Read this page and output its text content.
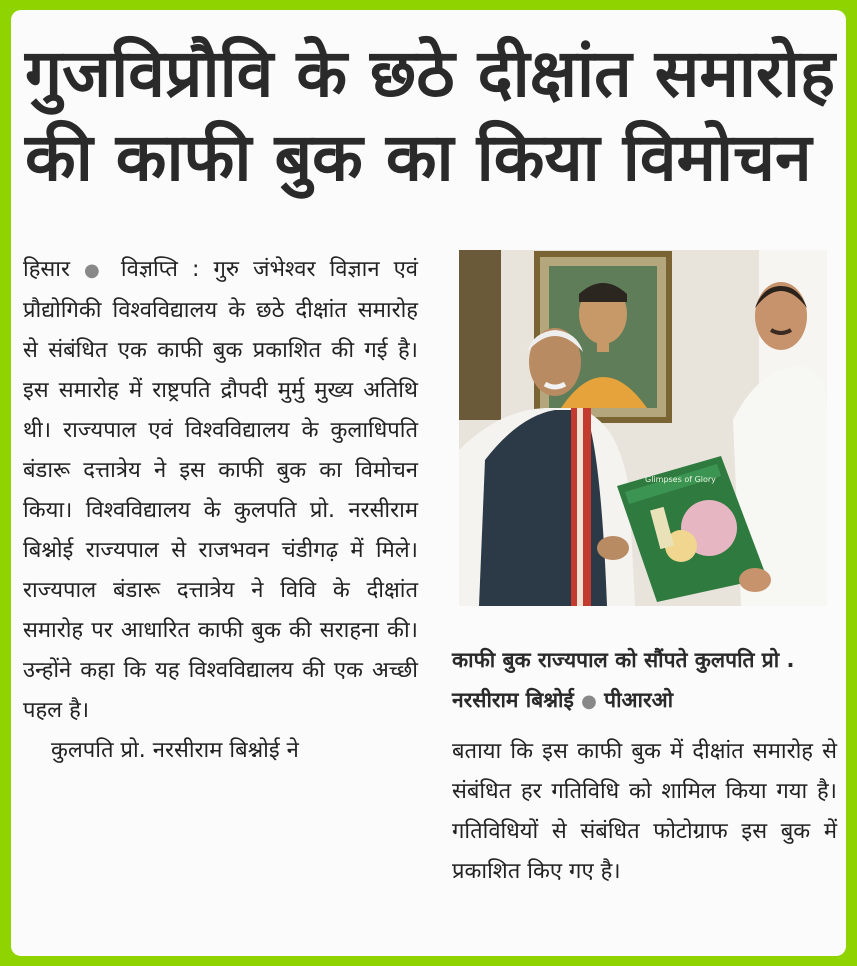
गुजविप्रौवि के छठे दीक्षांत समारोह
की काफी बुक का किया विमोचन

हिसार ● विज्ञप्ति : गुरु जंभेश्वर विज्ञान एवं प्रौद्योगिकी विश्वविद्यालय के छठे दीक्षांत समारोह से संबंधित एक काफी बुक प्रकाशित की गई है। इस समारोह में राष्ट्रपति द्रौपदी मुर्मु मुख्य अतिथि थी। राज्यपाल एवं विश्वविद्यालय के कुलाधिपति बंडारू दत्तात्रेय ने इस काफी बुक का विमोचन किया। विश्वविद्यालय के कुलपति प्रो. नरसीराम बिश्नोई राज्यपाल से राजभवन चंडीगढ़ में मिले। राज्यपाल बंडारू दत्तात्रेय ने विवि के दीक्षांत समारोह पर आधारित काफी बुक की सराहना की। उन्होंने कहा कि यह विश्वविद्यालय की एक अच्छी पहल है।

कुलपति प्रो. नरसीराम बिश्नोई ने

Glimpses of Glory
काफी बुक राज्यपाल को सौंपते कुलपति प्रो . नरसीराम बिश्नोई ● पीआरओ

बताया कि इस काफी बुक में दीक्षांत समारोह से संबंधित हर गतिविधि को शामिल किया गया है। गतिविधियों से संबंधित फोटोग्राफ इस बुक में प्रकाशित किए गए है।
